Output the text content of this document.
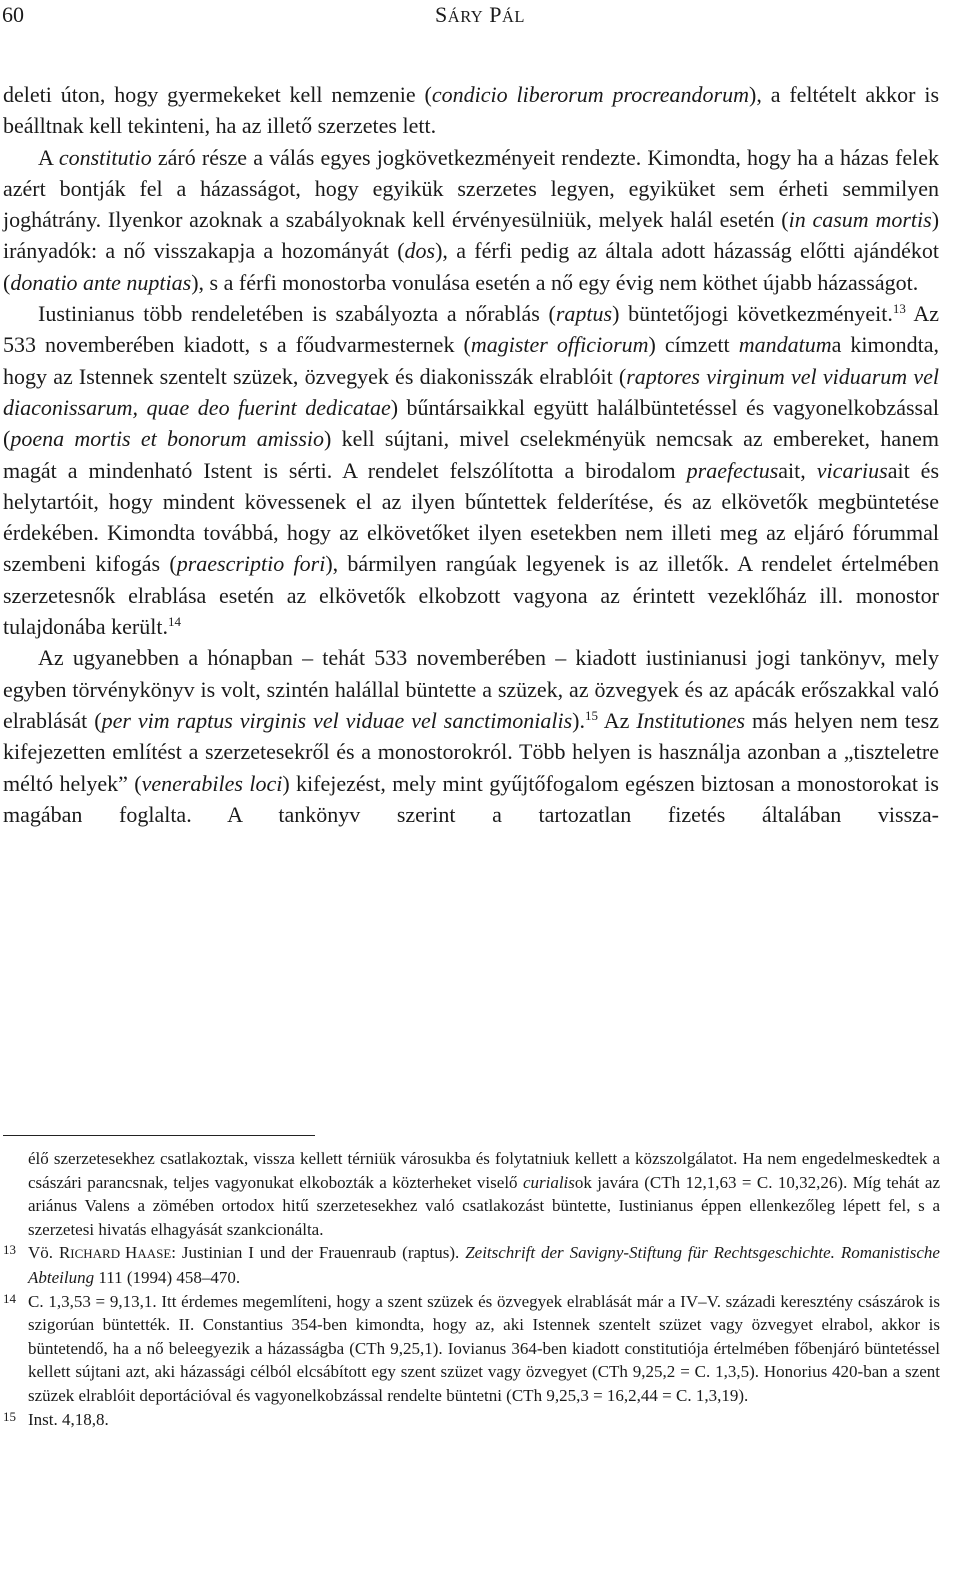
60	SÁRY PÁL

deleti úton, hogy gyermekeket kell nemzenie (condicio liberorum procreandorum), a feltételt akkor is beálltnak kell tekinteni, ha az illető szerzetes lett.

A constitutio záró része a válás egyes jogkövetkezményeit rendezte. Kimondta, hogy ha a házas felek azért bontják fel a házasságot, hogy egyikük szerzetes legyen, egyiküket sem érheti semmilyen joghátrány. Ilyenkor azoknak a szabályoknak kell érvényesülniük, melyek halál esetén (in casum mortis) irányadók: a nő visszakapja a hozományát (dos), a férfi pedig az általa adott házasság előtti ajándékot (donatio ante nuptias), s a férfi monostorba vonulása esetén a nő egy évig nem köthet újabb házasságot.

Iustinianus több rendeletében is szabályozta a nőrablás (raptus) büntetőjogi következményeit.$^{13}$ Az 533 novemberében kiadott, s a főudvarmesternek (magister officiorum) címzett mandatuma kimondta, hogy az Istennek szentelt szüzek, özvegyek és diakonisszák elrablóit (raptores virginum vel viduarum vel diaconissarum, quae deo fuerint dedicatae) bűntársaikkal együtt halálbüntetéssel és vagyonelkobzással (poena mortis et bonorum amissio) kell sújtani, mivel cselekményük nemcsak az embereket, hanem magát a mindenható Istent is sérti. A rendelet felszólította a birodalom praefectusait, vicariusait és helytartóit, hogy mindent kövessenek el az ilyen bűntettek felderítése, és az elkövetők megbüntetése érdekében. Kimondta továbbá, hogy az elkövetőket ilyen esetekben nem illeti meg az eljáró fórummal szembeni kifogás (praescriptio fori), bármilyen rangúak legyenek is az illetők. A rendelet értelmében szerzetesnők elrablása esetén az elkövetők elkobzott vagyona az érintett vezeklőház ill. monostor tulajdonába került.$^{14}$

Az ugyanebben a hónapban – tehát 533 novemberében – kiadott iustinianusi jogi tankönyv, mely egyben törvénykönyv is volt, szintén halállal büntette a szüzek, az özvegyek és az apácák erőszakkal való elrablását (per vim raptus virginis vel viduae vel sanctimonialis).$^{15}$ Az Institutiones más helyen nem tesz kifejezetten említést a szerzetesekről és a monostorokról. Több helyen is használja azonban a „tiszteletre méltó helyek” (venerabiles loci) kifejezést, mely mint gyűjtőfogalom egészen biztosan a monostorokat is magában foglalta. A tankönyv szerint a tartozatlan fizetés általában vissza-

élő szerzetesekhez csatlakoztak, vissza kellett térniük városukba és folytatniuk kellett a közszolgálatot. Ha nem engedelmeskedtek a császári parancsnak, teljes vagyonukat elkobozták a közterheket viselő curialisok javára (CTh 12,1,63 = C. 10,32,26). Míg tehát az ariánus Valens a zömében ortodox hitű szerzetesekhez való csatlakozást büntette, Iustinianus éppen ellenkezőleg lépett fel, s a szerzetesi hivatás elhagyását szankcionálta.
13 Vö. RICHARD HAASE: Justinian I und der Frauenraub (raptus). Zeitschrift der Savigny-Stiftung für Rechtsgeschichte. Romanistische Abteilung 111 (1994) 458–470.
14 C. 1,3,53 = 9,13,1. Itt érdemes megemlíteni, hogy a szent szüzek és özvegyek elrablását már a IV–V. századi keresztény császárok is szigorúan büntették. II. Constantius 354-ben kimondta, hogy az, aki Istennek szentelt szüzet vagy özvegyet elrabol, akkor is büntetendő, ha a nő beleegyezik a házasságba (CTh 9,25,1). Iovianus 364-ben kiadott constitutiója értelmében főbenjáró büntetéssel kellett sújtani azt, aki házassági célból elcsábított egy szent szüzet vagy özvegyet (CTh 9,25,2 = C. 1,3,5). Honorius 420-ban a szent szüzek elrablóit deportációval és vagyonelkobzással rendelte büntetni (CTh 9,25,3 = 16,2,44 = C. 1,3,19).
15 Inst. 4,18,8.
